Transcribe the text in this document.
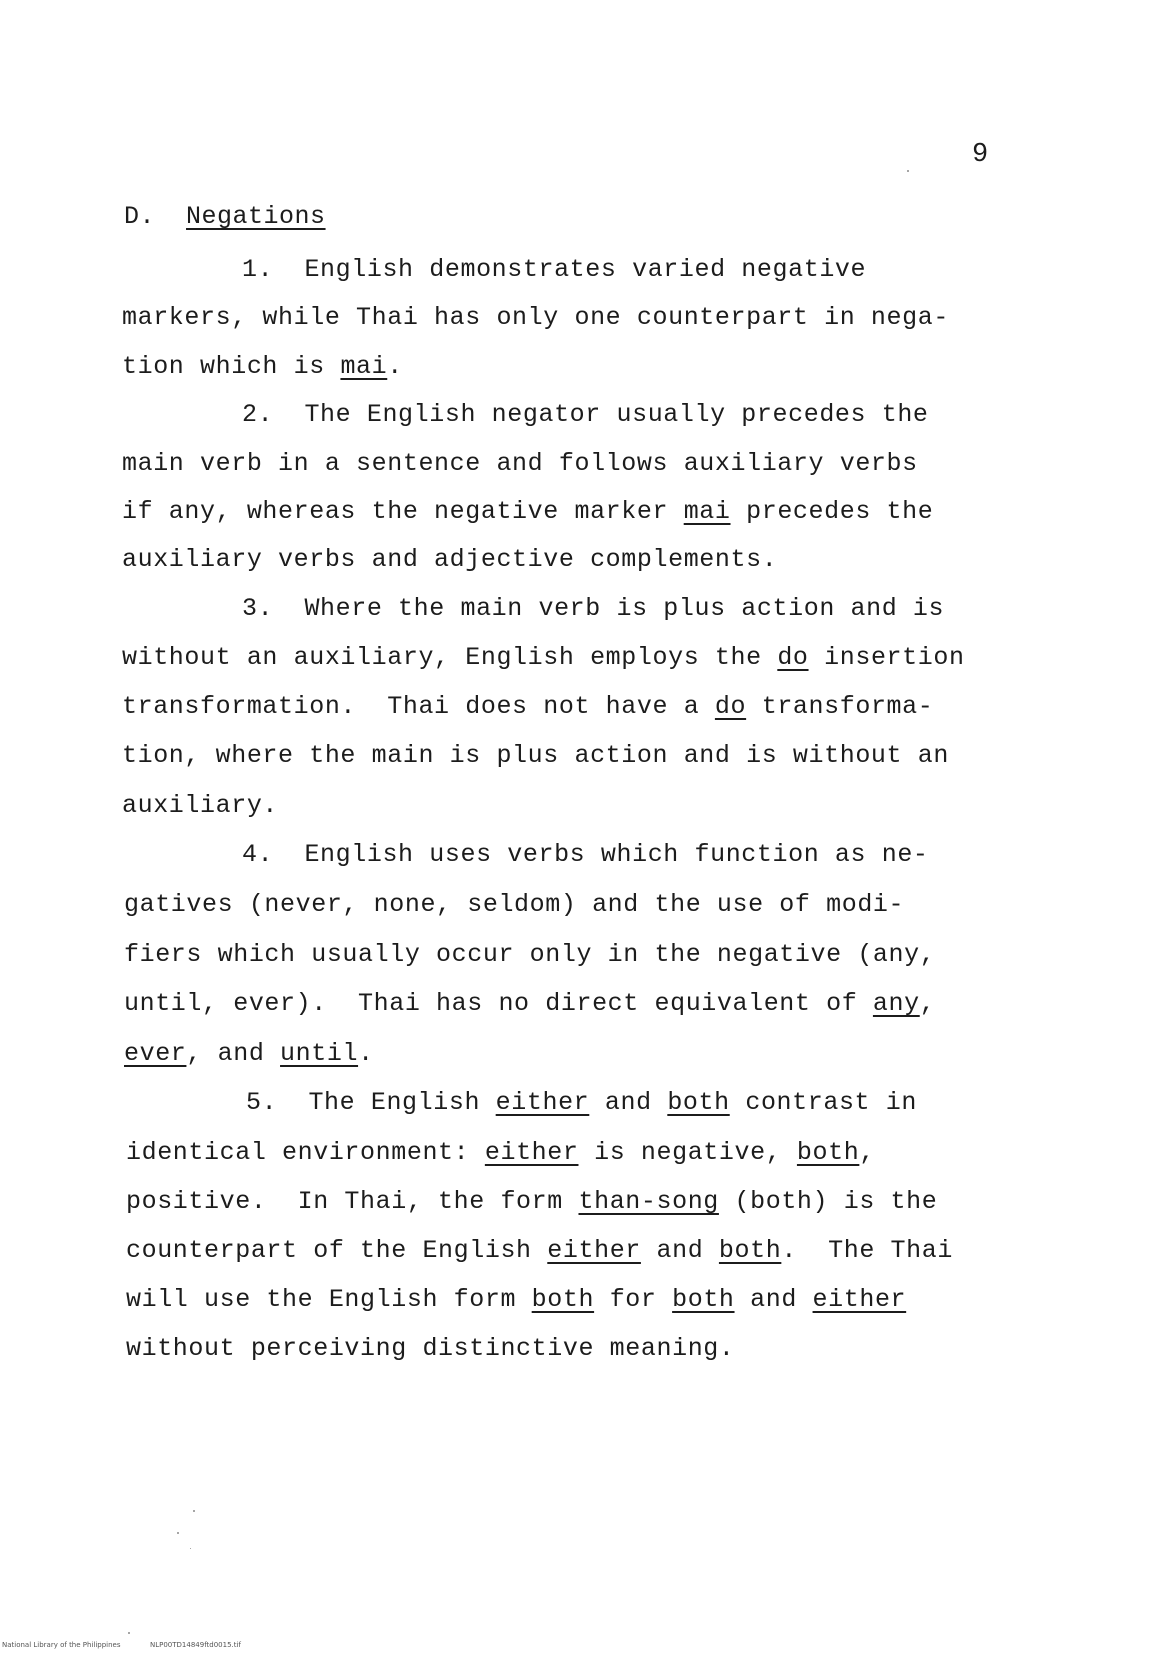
9
D. Negations
1. English demonstrates varied negative
markers, while Thai has only one counterpart in nega-
tion which is mai.
2. The English negator usually precedes the
main verb in a sentence and follows auxiliary verbs
if any, whereas the negative marker mai precedes the
auxiliary verbs and adjective complements.
3. Where the main verb is plus action and is
without an auxiliary, English employs the do insertion
transformation.  Thai does not have a do transforma-
tion, where the main is plus action and is without an
auxiliary.
4. English uses verbs which function as ne-
gatives (never, none, seldom) and the use of modi-
fiers which usually occur only in the negative (any,
until, ever).  Thai has no direct equivalent of any,
ever, and until.
5. The English either and both contrast in
identical environment: either is negative, both,
positive.  In Thai, the form than-song (both) is the
counterpart of the English either and both.  The Thai
will use the English form both for both and either
without perceiving distinctive meaning.
National Library of the Philippines	NLP00TD14849ftd0015.tif
